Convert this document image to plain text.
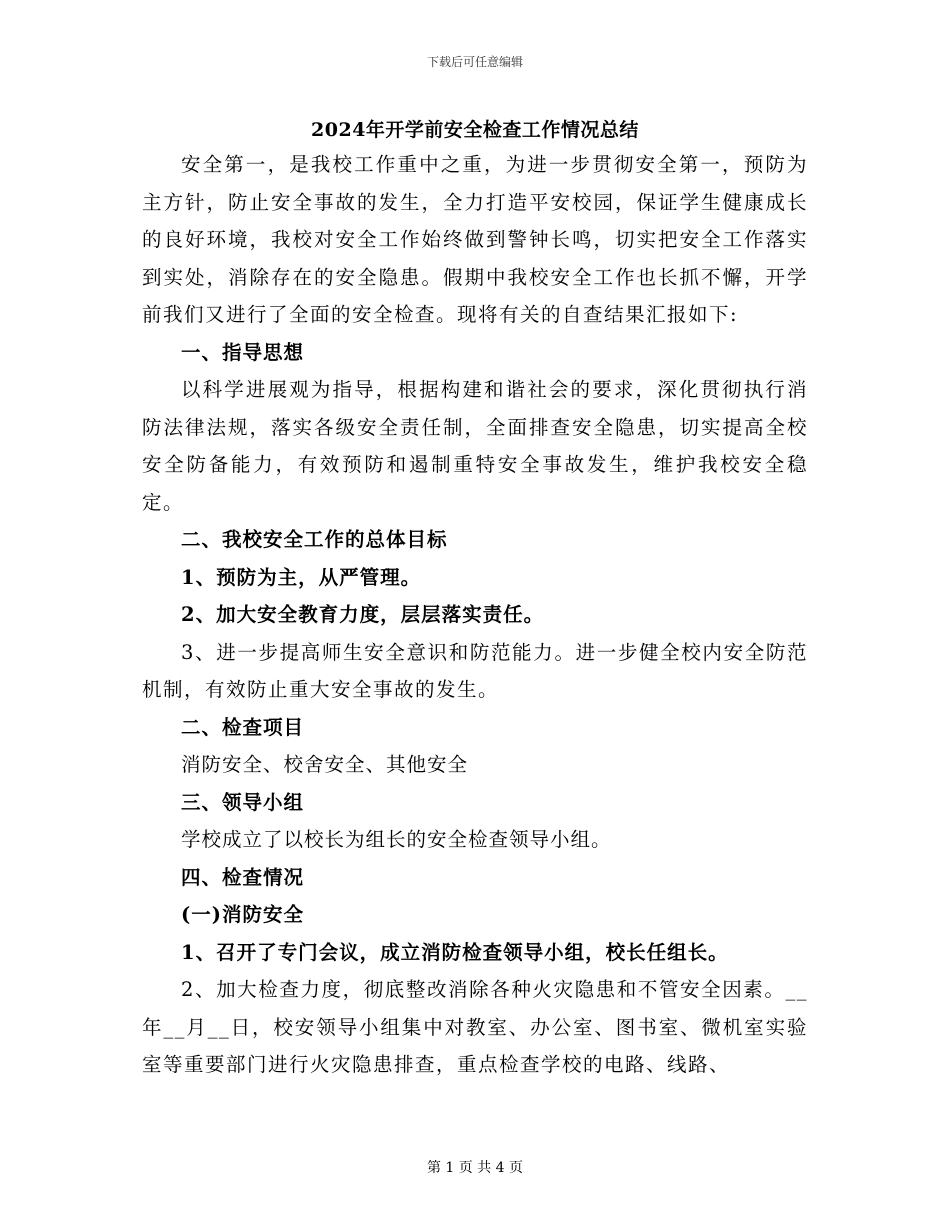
下载后可任意编辑
2024年开学前安全检查工作情况总结

安全第一，是我校工作重中之重，为进一步贯彻安全第一，预防为主方针，防止安全事故的发生，全力打造平安校园，保证学生健康成长的良好环境，我校对安全工作始终做到警钟长鸣，切实把安全工作落实到实处，消除存在的安全隐患。假期中我校安全工作也长抓不懈，开学前我们又进行了全面的安全检查。现将有关的自查结果汇报如下:

一、指导思想

以科学进展观为指导，根据构建和谐社会的要求，深化贯彻执行消防法律法规，落实各级安全责任制，全面排查安全隐患，切实提高全校安全防备能力，有效预防和遏制重特安全事故发生，维护我校安全稳定。

二、我校安全工作的总体目标

1、预防为主，从严管理。

2、加大安全教育力度，层层落实责任。

3、进一步提高师生安全意识和防范能力。进一步健全校内安全防范机制，有效防止重大安全事故的发生。

二、检查项目

消防安全、校舍安全、其他安全

三、领导小组

学校成立了以校长为组长的安全检查领导小组。

四、检查情况

(一)消防安全

1、召开了专门会议，成立消防检查领导小组，校长任组长。

2、加大检查力度，彻底整改消除各种火灾隐患和不管安全因素。__年__月__日，校安领导小组集中对教室、办公室、图书室、微机室实验室等重要部门进行火灾隐患排查，重点检查学校的电路、线路、

第 1 页 共 4 页
